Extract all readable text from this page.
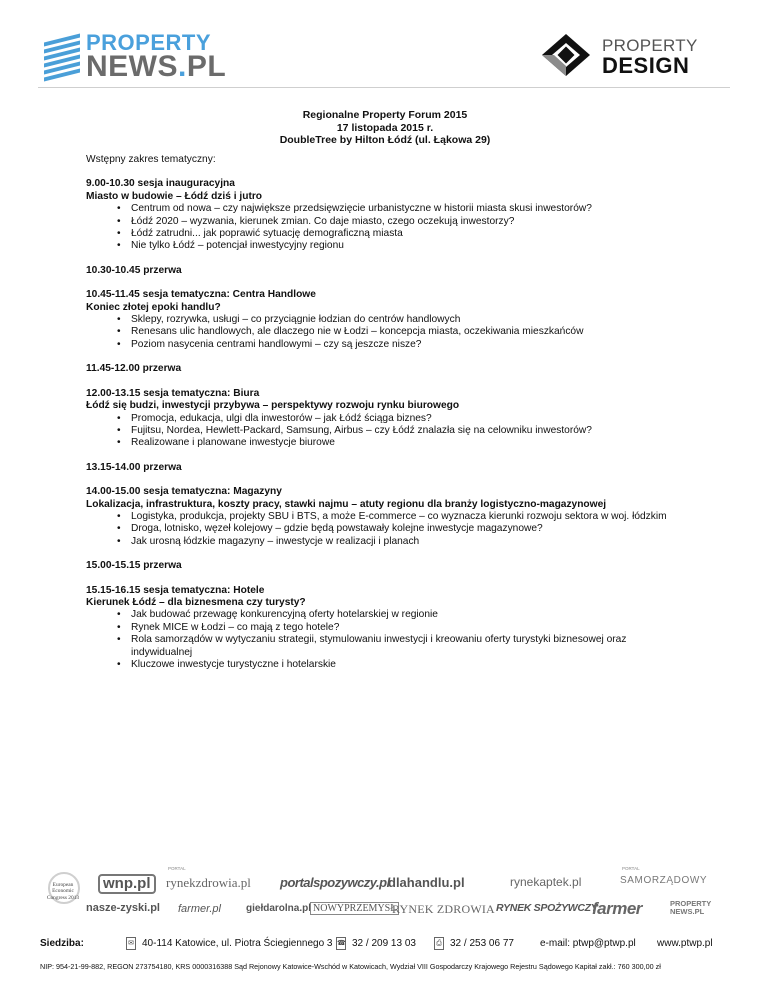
PROPERTY
NEWS.PL
PROPERTY
DESIGN
Regionalne Property Forum 2015
17 listopada 2015 r.
DoubleTree by Hilton Łódź (ul. Łąkowa 29)
Wstępny zakres tematyczny:
9.00-10.30 sesja inauguracyjna
Miasto w budowie – Łódź dziś i jutro
• Centrum od nowa – czy największe przedsięwzięcie urbanistyczne w historii miasta skusi inwestorów?
• Łódź 2020 – wyzwania, kierunek zmian. Co daje miasto, czego oczekują inwestorzy?
• Łódź zatrudni... jak poprawić sytuację demograficzną miasta
• Nie tylko Łódź – potencjał inwestycyjny regionu
10.30-10.45 przerwa
10.45-11.45 sesja tematyczna: Centra Handlowe
Koniec złotej epoki handlu?
• Sklepy, rozrywka, usługi – co przyciągnie łodzian do centrów handlowych
• Renesans ulic handlowych, ale dlaczego nie w Łodzi – koncepcja miasta, oczekiwania mieszkańców
• Poziom nasycenia centrami handlowymi – czy są jeszcze nisze?
11.45-12.00 przerwa
12.00-13.15 sesja tematyczna: Biura
Łódź się budzi, inwestycji przybywa – perspektywy rozwoju rynku biurowego
• Promocja, edukacja, ulgi dla inwestorów – jak Łódź ściąga biznes?
• Fujitsu, Nordea, Hewlett-Packard, Samsung, Airbus – czy Łódź znalazła się na celowniku inwestorów?
• Realizowane i planowane inwestycje biurowe
13.15-14.00 przerwa
14.00-15.00 sesja tematyczna: Magazyny
Lokalizacja, infrastruktura, koszty pracy, stawki najmu – atuty regionu dla branży logistyczno-magazynowej
• Logistyka, produkcja, projekty SBU i BTS, a może E-commerce – co wyznacza kierunki rozwoju sektora w woj. łódzkim
• Droga, lotnisko, węzeł kolejowy – gdzie będą powstawały kolejne inwestycje magazynowe?
• Jak urosną łódzkie magazyny – inwestycje w realizacji i planach
15.00-15.15 przerwa
15.15-16.15 sesja tematyczna: Hotele
Kierunek Łódź – dla biznesmena czy turysty?
• Jak budować przewagę konkurencyjną oferty hotelarskiej w regionie
• Rynek MICE w Łodzi – co mają z tego hotele?
• Rola samorządów w wytyczaniu strategii, stymulowaniu inwestycji i kreowaniu oferty turystyki biznesowej oraz indywidualnej
• Kluczowe inwestycje turystyczne i hotelarskie
European Economic Congress 2013
wnp.pl
PORTAL
rynekzdrowia.pl portalspozywczy.pl
dlahandlu.pl	rynekaptek.pl
PORTAL
SAMORZĄDOWY
nasze-zyski.pl farmer.pl	giełdarolna.pl NOWYPRZEMYSŁ
RYNEK ZDROWIA RYNEK SPOŻYWCZY
farmer	PROPERTY NEWS.PL
Siedziba:	✉ 40-114 Katowice, ul. Piotra Ściegiennego 3 ☎ 32 / 209 13 03	⎙ 32 / 253 06 77	e-mail: ptwp@ptwp.pl www.ptwp.pl
NIP: 954-21-99-882, REGON 273754180, KRS 0000316388 Sąd Rejonowy Katowice-Wschód w Katowicach, Wydział VIII Gospodarczy Krajowego Rejestru Sądowego Kapitał zakł.: 760 300,00 zł
